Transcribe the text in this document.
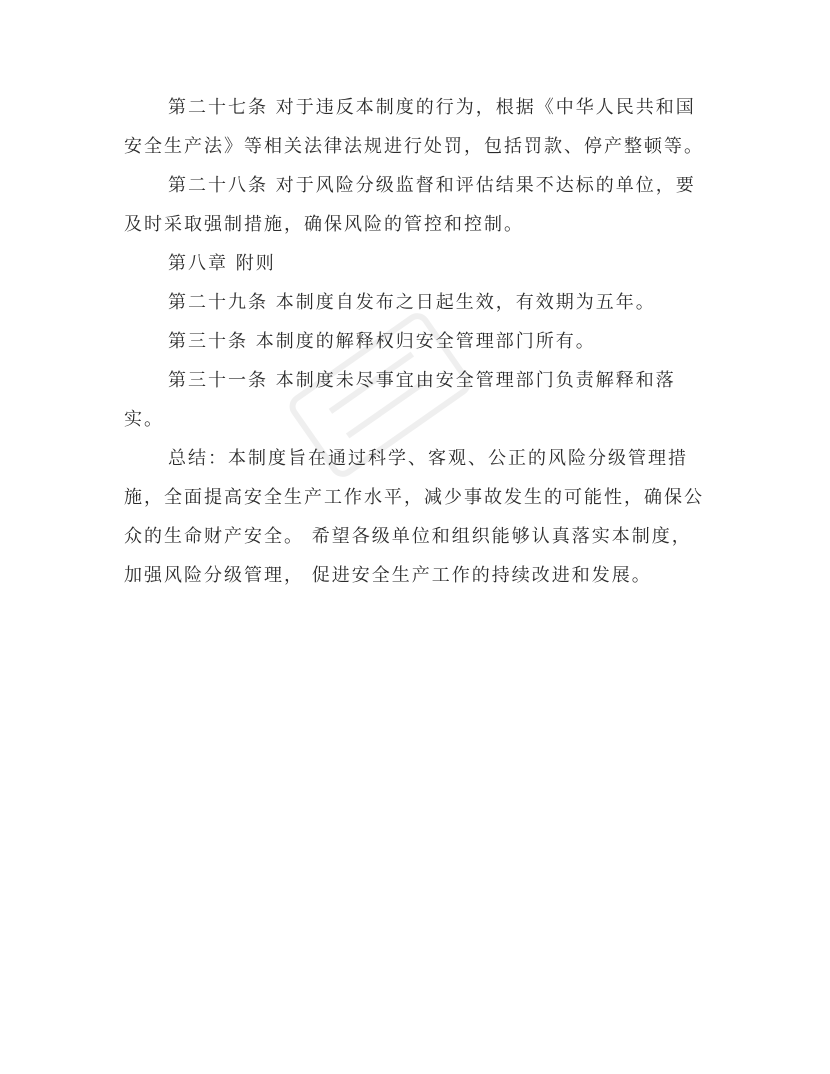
第二十七条 对于违反本制度的行为，根据《中华人民共和国安全生产法》等相关法律法规进行处罚，包括罚款、停产整顿等。

第二十八条 对于风险分级监督和评估结果不达标的单位，要及时采取强制措施，确保风险的管控和控制。

第八章 附则

第二十九条 本制度自发布之日起生效，有效期为五年。

第三十条 本制度的解释权归安全管理部门所有。

第三十一条 本制度未尽事宜由安全管理部门负责解释和落实。

总结：本制度旨在通过科学、客观、公正的风险分级管理措施，全面提高安全生产工作水平，减少事故发生的可能性，确保公众的生命财产安全。 希望各级单位和组织能够认真落实本制度， 加强风险分级管理， 促进安全生产工作的持续改进和发展。
